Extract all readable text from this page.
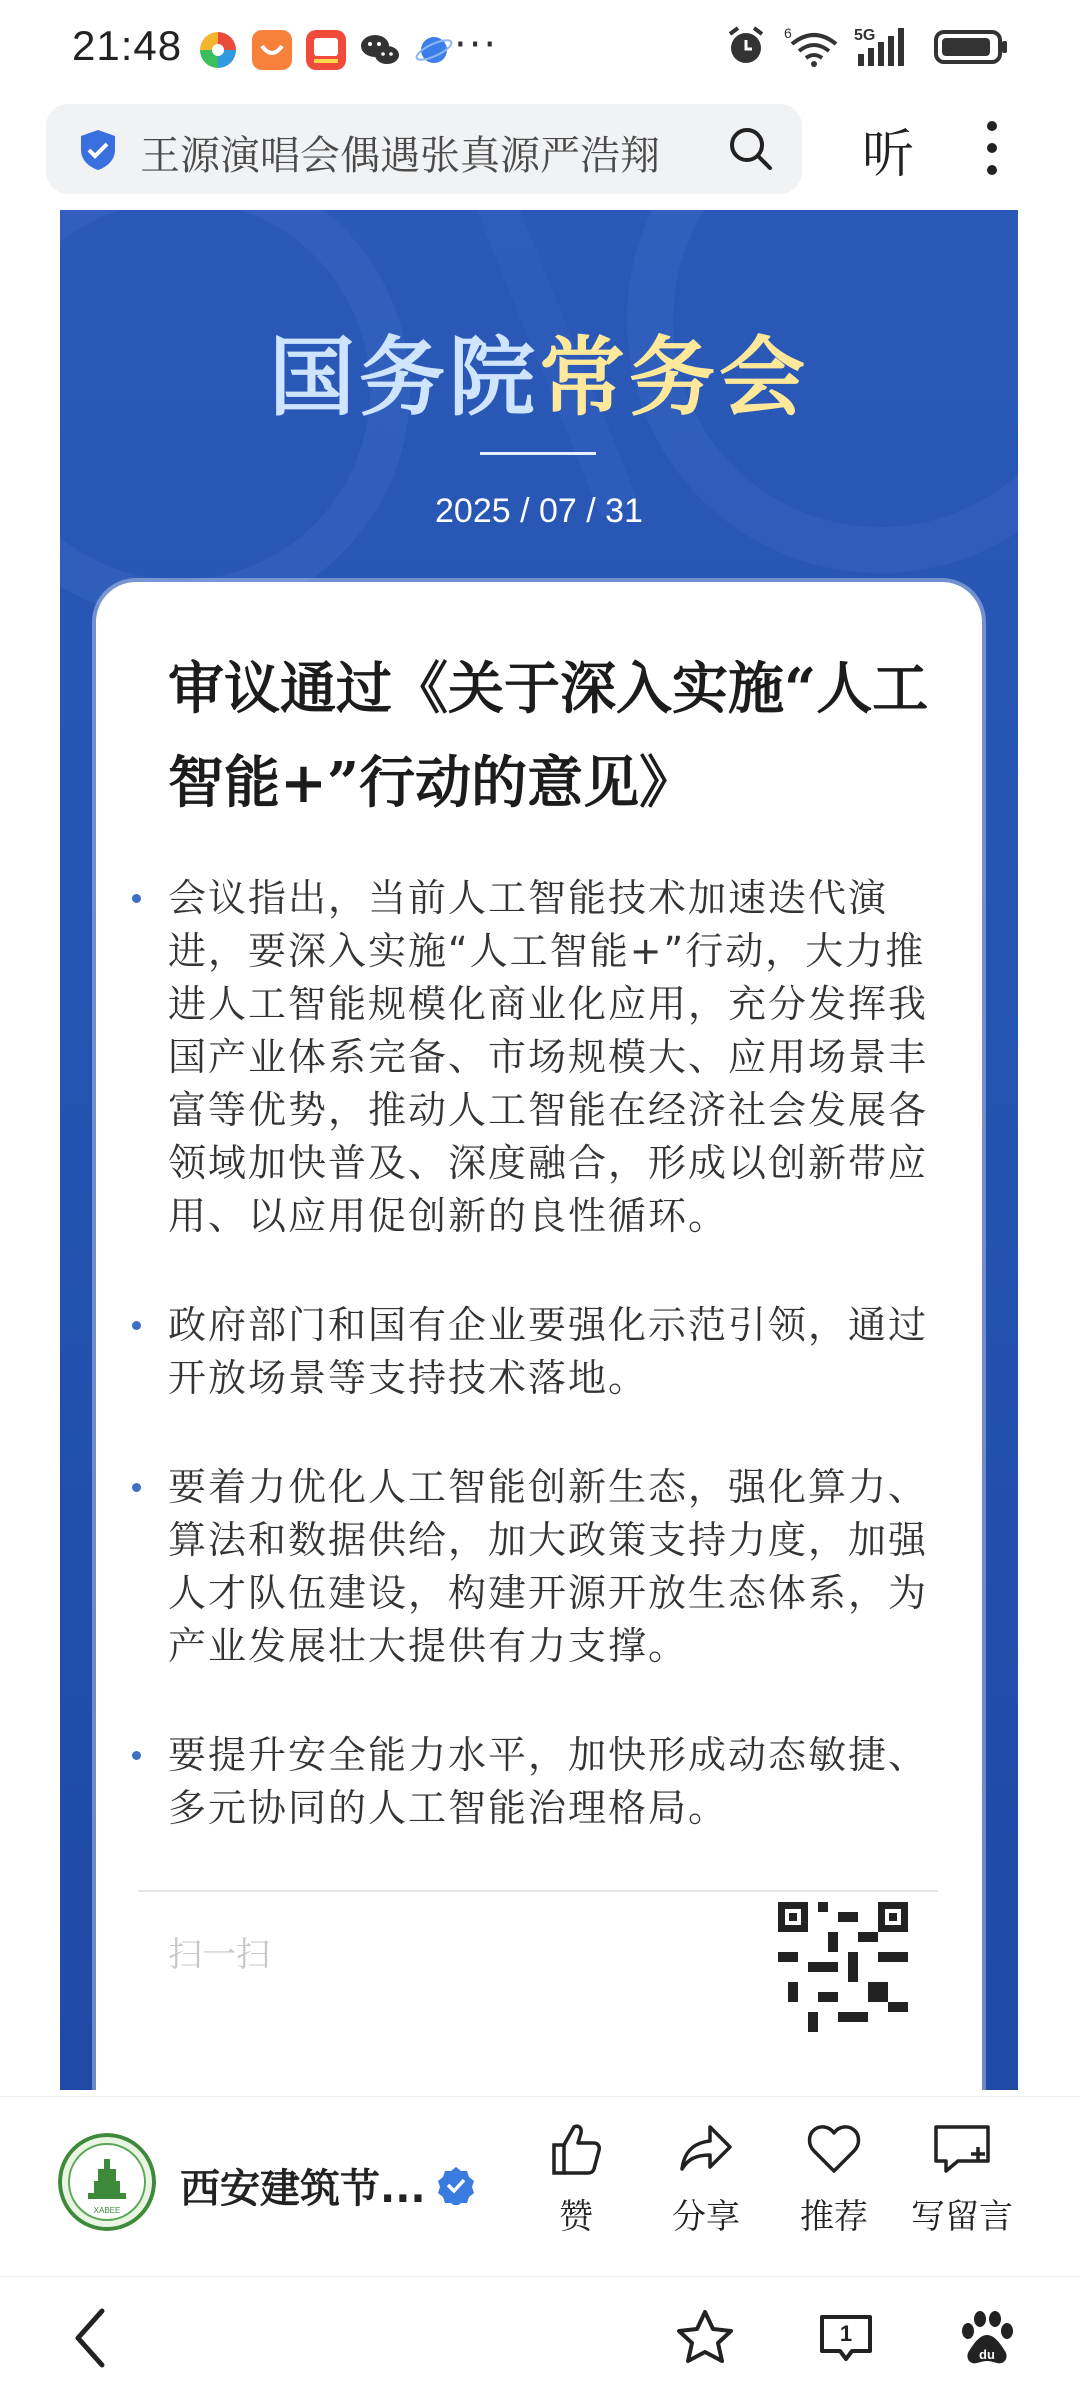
21:48	···	6	5G
王源演唱会偶遇张真源严浩翔	听
国务院常务会
2025 / 07 / 31
审议通过《关于深入实施“人工智能+”行动的意见》
会议指出，当前人工智能技术加速迭代演进，要深入实施“人工智能+”行动，大力推进人工智能规模化商业化应用，充分发挥我国产业体系完备、市场规模大、应用场景丰富等优势，推动人工智能在经济社会发展各领域加快普及、深度融合，形成以创新带应用、以应用促创新的良性循环。
政府部门和国有企业要强化示范引领，通过开放场景等支持技术落地。
要着力优化人工智能创新生态，强化算力、算法和数据供给，加大政策支持力度，加强人才队伍建设，构建开源开放生态体系，为产业发展壮大提供有力支撑。
要提升安全能力水平，加快形成动态敏捷、多元协同的人工智能治理格局。
扫一扫
XABEE 西安建筑节...
赞	分享	推荐	写留言
1
du
